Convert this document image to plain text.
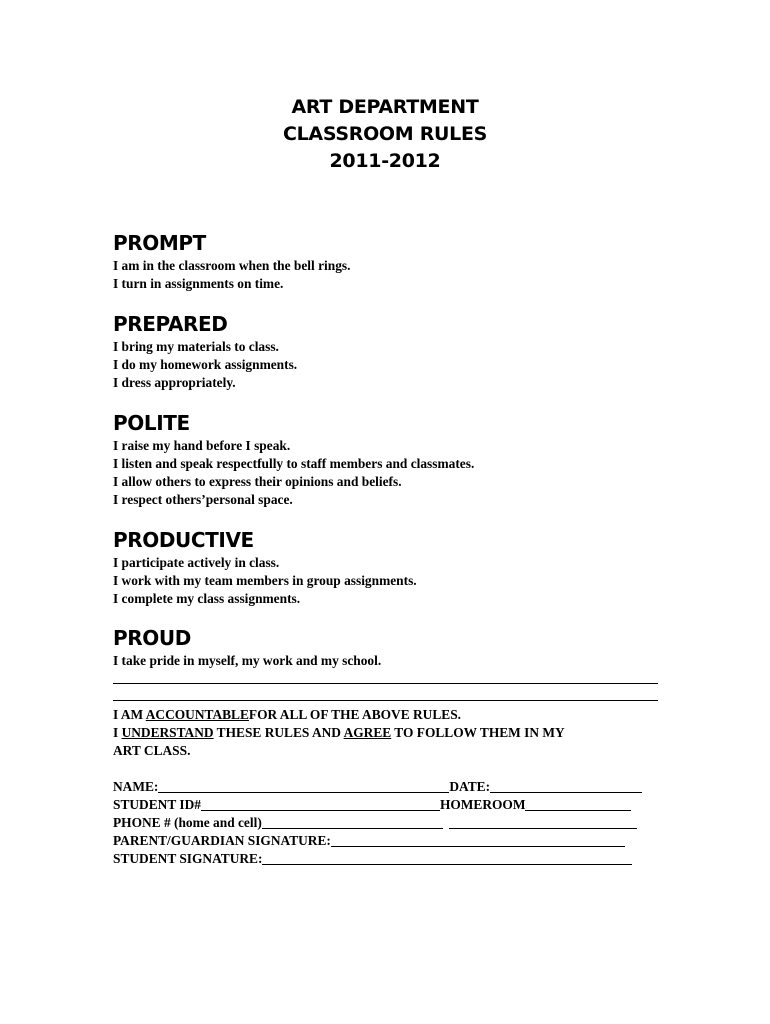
ART DEPARTMENT
CLASSROOM RULES
2011-2012
PROMPT
I am in the classroom when the bell rings.
I turn in assignments on time.
PREPARED
I bring my materials to class.
I do my homework assignments.
I dress appropriately.
POLITE
I raise my hand before I speak.
I listen and speak respectfully to staff members and classmates.
I allow others to express their opinions and beliefs.
I respect others’personal space.
PRODUCTIVE
I participate actively in class.
I work with my team members in group assignments.
I complete my class assignments.
PROUD
I take pride in myself, my work and my school.
I AM ACCOUNTABLEFOR ALL OF THE ABOVE RULES.
I UNDERSTAND THESE RULES AND AGREE TO FOLLOW THEM IN MY
ART CLASS.
NAME:	DATE:
STUDENT ID#	HOMEROOM
PHONE # (home and cell)
PARENT/GUARDIAN SIGNATURE:
STUDENT SIGNATURE:
